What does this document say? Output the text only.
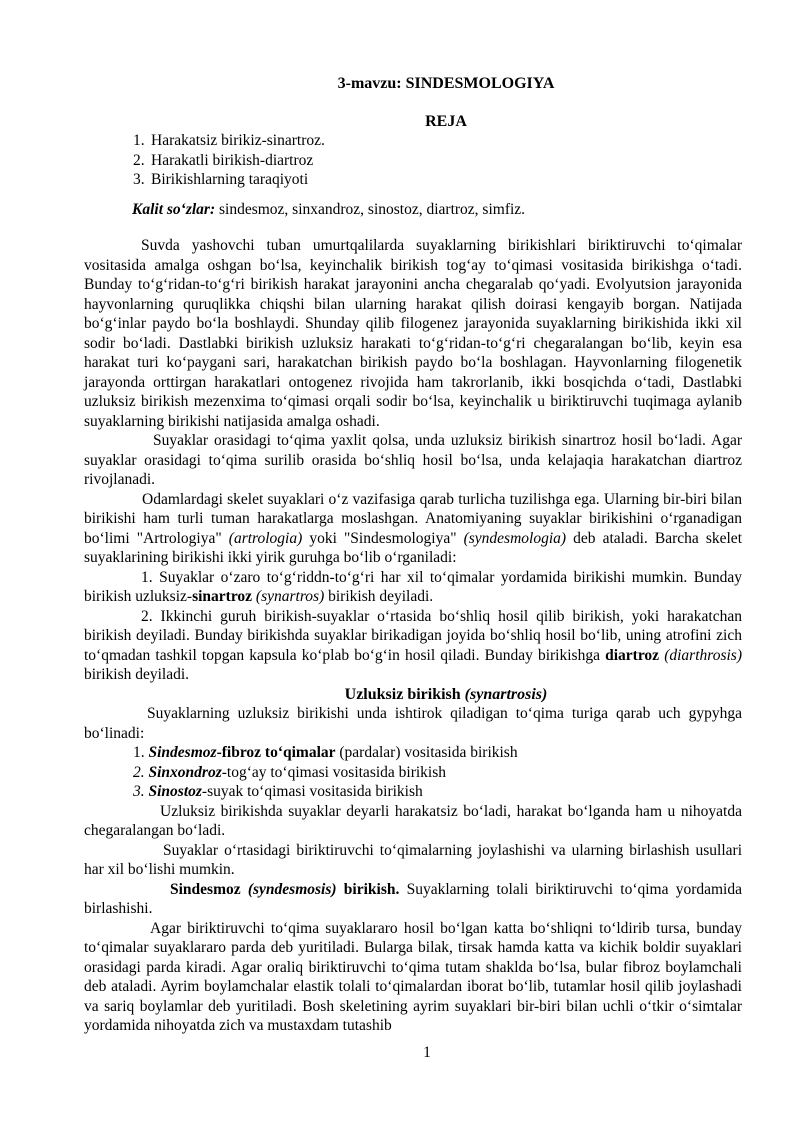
3-mavzu: SINDESMOLOGIYA

REJA

1. Harakatsiz birikiz-sinartroz.
2. Harakatli birikish-diartroz
3. Birikishlarning taraqiyoti

Kalit so‘zlar: sindesmoz, sinxandroz, sinostoz, diartroz, simfiz.

Suvda yashovchi tuban umurtqalilarda suyaklarning birikishlari biriktiruvchi to‘qimalar vositasida amalga oshgan bo‘lsa, keyinchalik birikish tog‘ay to‘qimasi vositasida birikishga o‘tadi. Bunday to‘g‘ridan-to‘g‘ri birikish harakat jarayonini ancha chegaralab qo‘yadi. Evolyutsion jarayonida hayvonlarning quruqlikka chiqshi bilan ularning harakat qilish doirasi kengayib borgan. Natijada bo‘g‘inlar paydo bo‘la boshlaydi. Shunday qilib filogenez jarayonida suyaklarning birikishida ikki xil sodir bo‘ladi. Dastlabki birikish uzluksiz harakati to‘g‘ridan-to‘g‘ri chegaralangan bo‘lib, keyin esa harakat turi ko‘paygani sari, harakatchan birikish paydo bo‘la boshlagan. Hayvonlarning filogenetik jarayonda orttirgan harakatlari ontogenez rivojida ham takrorlanib, ikki bosqichda o‘tadi, Dastlabki uzluksiz birikish mezenxima to‘qimasi orqali sodir bo‘lsa, keyinchalik u biriktiruvchi tuqimaga aylanib suyaklarning birikishi natijasida amalga oshadi.

Suyaklar orasidagi to‘qima yaxlit qolsa, unda uzluksiz birikish sinartroz hosil bo‘ladi. Agar suyaklar orasidagi to‘qima surilib orasida bo‘shliq hosil bo‘lsa, unda kelajaqia harakatchan diartroz rivojlanadi.

Odamlardagi skelet suyaklari o‘z vazifasiga qarab turlicha tuzilishga ega. Ularning bir-biri bilan birikishi ham turli tuman harakatlarga moslashgan. Anatomiyaning suyaklar birikishini o‘rganadigan bo‘limi "Artrologiya" (artrologia) yoki "Sindesmologiya" (syndesmologia) deb ataladi. Barcha skelet suyaklarining birikishi ikki yirik guruhga bo‘lib o‘rganiladi:

1. Suyaklar o‘zaro to‘g‘riddn-to‘g‘ri har xil to‘qimalar yordamida birikishi mumkin. Bunday birikish uzluksiz-sinartroz (synartros) birikish deyiladi.

2. Ikkinchi guruh birikish-suyaklar o‘rtasida bo‘shliq hosil qilib birikish, yoki harakatchan birikish deyiladi. Bunday birikishda suyaklar birikadigan joyida bo‘shliq hosil bo‘lib, uning atrofini zich to‘qmadan tashkil topgan kapsula ko‘plab bo‘g‘in hosil qiladi. Bunday birikishga diartroz (diarthrosis) birikish deyiladi.

Uzluksiz birikish (synartrosis)

Suyaklarning uzluksiz birikishi unda ishtirok qiladigan to‘qima turiga qarab uch gypyhga bo‘linadi:

1. Sindesmoz-fibroz to‘qimalar (pardalar) vositasida birikish

2. Sinxondroz-tog‘ay to‘qimasi vositasida birikish

3. Sinostoz-suyak to‘qimasi vositasida birikish

Uzluksiz birikishda suyaklar deyarli harakatsiz bo‘ladi, harakat bo‘lganda ham u nihoyatda chegaralangan bo‘ladi.

Suyaklar o‘rtasidagi biriktiruvchi to‘qimalarning joylashishi va ularning birlashish usullari har xil bo‘lishi mumkin.

Sindesmoz (syndesmosis) birikish. Suyaklarning tolali biriktiruvchi to‘qima yordamida birlashishi.

Agar biriktiruvchi to‘qima suyaklararo hosil bo‘lgan katta bo‘shliqni to‘ldirib tursa, bunday to‘qimalar suyaklararo parda deb yuritiladi. Bularga bilak, tirsak hamda katta va kichik boldir suyaklari orasidagi parda kiradi. Agar oraliq biriktiruvchi to‘qima tutam shaklda bo‘lsa, bular fibroz boylamchali deb ataladi. Ayrim boylamchalar elastik tolali to‘qimalardan iborat bo‘lib, tutamlar hosil qilib joylashadi va sariq boylamlar deb yuritiladi. Bosh skeletining ayrim suyaklari bir-biri bilan uchli o‘tkir o‘simtalar yordamida nihoyatda zich va mustaxdam tutashib

1
